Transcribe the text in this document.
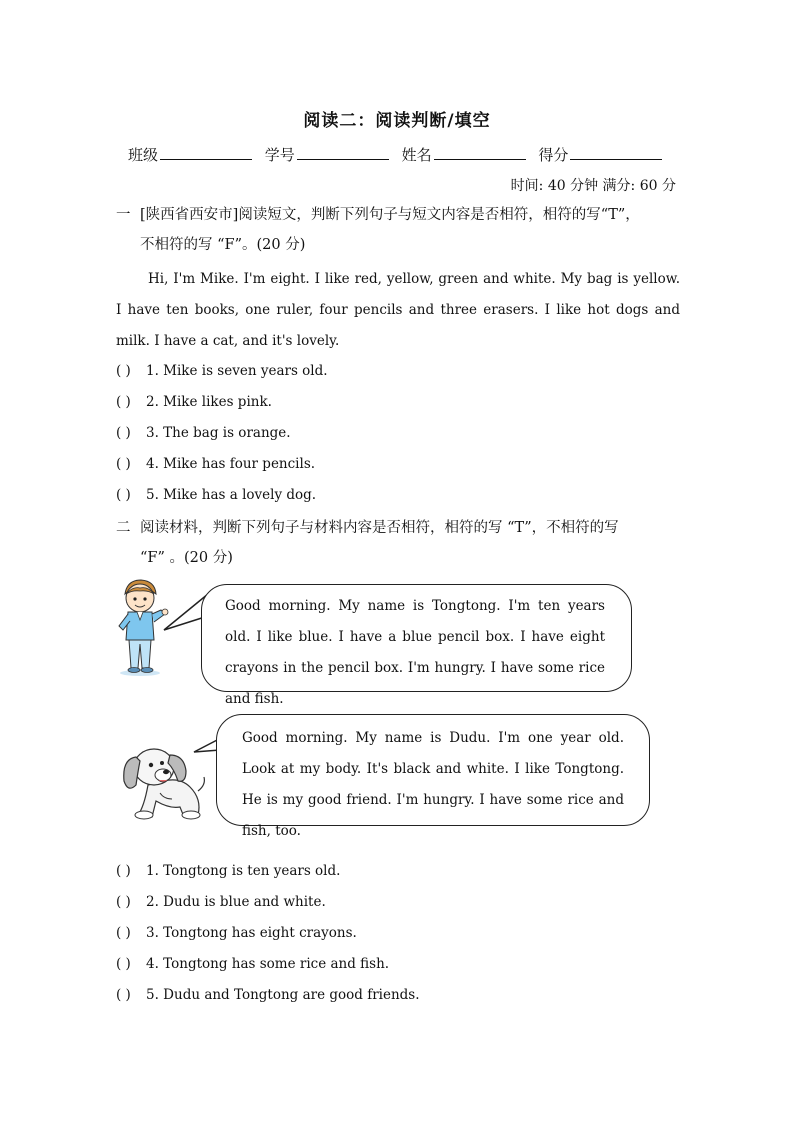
阅读二：阅读判断/填空
班级	学号	姓名	得分
时间: 40 分钟 满分: 60 分
一 [陕西省西安市]阅读短文，判断下列句子与短文内容是否相符，相符的写“T”，
不相符的写 “F”。(20 分)
Hi, I'm Mike. I'm eight. I like red, yellow, green and white. My bag is yellow. I have ten books, one ruler, four pencils and three erasers. I like hot dogs and milk. I have a cat, and it's lovely.
( ) 1. Mike is seven years old.
( ) 2. Mike likes pink.
( ) 3. The bag is orange.
( ) 4. Mike has four pencils.
( ) 5. Mike has a lovely dog.
二 阅读材料，判断下列句子与材料内容是否相符，相符的写 “T”，不相符的写
“F” 。(20 分)
Good morning. My name is Tongtong. I'm ten years old. I like blue. I have a blue pencil box. I have eight crayons in the pencil box. I'm hungry. I have some rice and fish.
Good morning. My name is Dudu. I'm one year old. Look at my body. It's black and white. I like Tongtong. He is my good friend. I'm hungry. I have some rice and fish, too.
( ) 1. Tongtong is ten years old.
( ) 2. Dudu is blue and white.
( ) 3. Tongtong has eight crayons.
( ) 4. Tongtong has some rice and fish.
( ) 5. Dudu and Tongtong are good friends.
